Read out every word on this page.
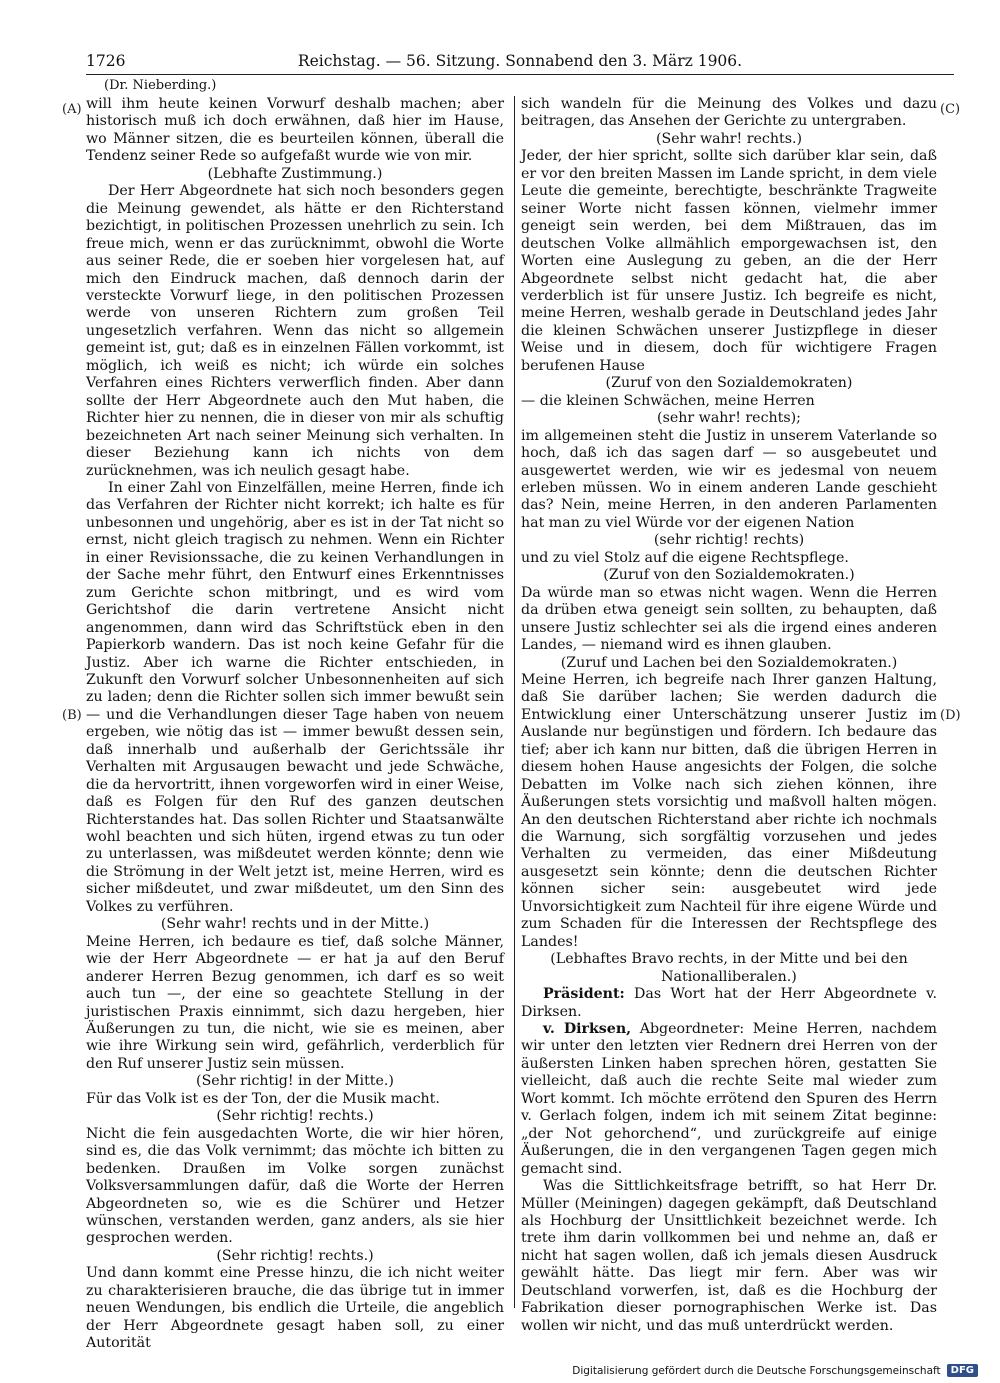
1726	Reichstag. — 56. Sitzung. Sonnabend den 3. März 1906.
(Dr. Nieberding.)
(A)
(B)
(C)
(D)

will ihm heute keinen Vorwurf deshalb machen; aber historisch muß ich doch erwähnen, daß hier im Hause, wo Männer sitzen, die es beurteilen können, überall die Tendenz seiner Rede so aufgefaßt wurde wie von mir.

(Lebhafte Zustimmung.)

Der Herr Abgeordnete hat sich noch besonders gegen die Meinung gewendet, als hätte er den Richterstand bezichtigt, in politischen Prozessen unehrlich zu sein. Ich freue mich, wenn er das zurücknimmt, obwohl die Worte aus seiner Rede, die er soeben hier vorgelesen hat, auf mich den Eindruck machen, daß dennoch darin der versteckte Vorwurf liege, in den politischen Prozessen werde von unseren Richtern zum großen Teil ungesetzlich verfahren. Wenn das nicht so allgemein gemeint ist, gut; daß es in einzelnen Fällen vorkommt, ist möglich, ich weiß es nicht; ich würde ein solches Verfahren eines Richters verwerflich finden. Aber dann sollte der Herr Abgeordnete auch den Mut haben, die Richter hier zu nennen, die in dieser von mir als schuftig bezeichneten Art nach seiner Meinung sich verhalten. In dieser Beziehung kann ich nichts von dem zurücknehmen, was ich neulich gesagt habe.

In einer Zahl von Einzelfällen, meine Herren, finde ich das Verfahren der Richter nicht korrekt; ich halte es für unbesonnen und ungehörig, aber es ist in der Tat nicht so ernst, nicht gleich tragisch zu nehmen. Wenn ein Richter in einer Revisionssache, die zu keinen Verhandlungen in der Sache mehr führt, den Entwurf eines Erkenntnisses zum Gerichte schon mitbringt, und es wird vom Gerichtshof die darin vertretene Ansicht nicht angenommen, dann wird das Schriftstück eben in den Papierkorb wandern. Das ist noch keine Gefahr für die Justiz. Aber ich warne die Richter entschieden, in Zukunft den Vorwurf solcher Unbesonnenheiten auf sich zu laden; denn die Richter sollen sich immer bewußt sein — und die Verhandlungen dieser Tage haben von neuem ergeben, wie nötig das ist — immer bewußt dessen sein, daß innerhalb und außerhalb der Gerichtssäle ihr Verhalten mit Argusaugen bewacht und jede Schwäche, die da hervortritt, ihnen vorgeworfen wird in einer Weise, daß es Folgen für den Ruf des ganzen deutschen Richterstandes hat. Das sollen Richter und Staatsanwälte wohl beachten und sich hüten, irgend etwas zu tun oder zu unterlassen, was mißdeutet werden könnte; denn wie die Strömung in der Welt jetzt ist, meine Herren, wird es sicher mißdeutet, und zwar mißdeutet, um den Sinn des Volkes zu verführen.

(Sehr wahr! rechts und in der Mitte.)

Meine Herren, ich bedaure es tief, daß solche Männer, wie der Herr Abgeordnete — er hat ja auf den Beruf anderer Herren Bezug genommen, ich darf es so weit auch tun —, der eine so geachtete Stellung in der juristischen Praxis einnimmt, sich dazu hergeben, hier Äußerungen zu tun, die nicht, wie sie es meinen, aber wie ihre Wirkung sein wird, gefährlich, verderblich für den Ruf unserer Justiz sein müssen.

(Sehr richtig! in der Mitte.)

Für das Volk ist es der Ton, der die Musik macht.

(Sehr richtig! rechts.)

Nicht die fein ausgedachten Worte, die wir hier hören, sind es, die das Volk vernimmt; das möchte ich bitten zu bedenken. Draußen im Volke sorgen zunächst Volksversammlungen dafür, daß die Worte der Herren Abgeordneten so, wie es die Schürer und Hetzer wünschen, verstanden werden, ganz anders, als sie hier gesprochen werden.

(Sehr richtig! rechts.)

Und dann kommt eine Presse hinzu, die ich nicht weiter zu charakterisieren brauche, die das übrige tut in immer neuen Wendungen, bis endlich die Urteile, die angeblich der Herr Abgeordnete gesagt haben soll, zu einer Autorität

sich wandeln für die Meinung des Volkes und dazu beitragen, das Ansehen der Gerichte zu untergraben.

(Sehr wahr! rechts.)

Jeder, der hier spricht, sollte sich darüber klar sein, daß er vor den breiten Massen im Lande spricht, in dem viele Leute die gemeinte, berechtigte, beschränkte Tragweite seiner Worte nicht fassen können, vielmehr immer geneigt sein werden, bei dem Mißtrauen, das im deutschen Volke allmählich emporgewachsen ist, den Worten eine Auslegung zu geben, an die der Herr Abgeordnete selbst nicht gedacht hat, die aber verderblich ist für unsere Justiz. Ich begreife es nicht, meine Herren, weshalb gerade in Deutschland jedes Jahr die kleinen Schwächen unserer Justizpflege in dieser Weise und in diesem, doch für wichtigere Fragen berufenen Hause

(Zuruf von den Sozialdemokraten)

— die kleinen Schwächen, meine Herren

(sehr wahr! rechts);

im allgemeinen steht die Justiz in unserem Vaterlande so hoch, daß ich das sagen darf — so ausgebeutet und ausgewertet werden, wie wir es jedesmal von neuem erleben müssen. Wo in einem anderen Lande geschieht das? Nein, meine Herren, in den anderen Parlamenten hat man zu viel Würde vor der eigenen Nation

(sehr richtig! rechts)

und zu viel Stolz auf die eigene Rechtspflege.

(Zuruf von den Sozialdemokraten.)

Da würde man so etwas nicht wagen. Wenn die Herren da drüben etwa geneigt sein sollten, zu behaupten, daß unsere Justiz schlechter sei als die irgend eines anderen Landes, — niemand wird es ihnen glauben.

(Zuruf und Lachen bei den Sozialdemokraten.)

Meine Herren, ich begreife nach Ihrer ganzen Haltung, daß Sie darüber lachen; Sie werden dadurch die Entwicklung einer Unterschätzung unserer Justiz im Auslande nur begünstigen und fördern. Ich bedaure das tief; aber ich kann nur bitten, daß die übrigen Herren in diesem hohen Hause angesichts der Folgen, die solche Debatten im Volke nach sich ziehen können, ihre Äußerungen stets vorsichtig und maßvoll halten mögen. An den deutschen Richterstand aber richte ich nochmals die Warnung, sich sorgfältig vorzusehen und jedes Verhalten zu vermeiden, das einer Mißdeutung ausgesetzt sein könnte; denn die deutschen Richter können sicher sein: ausgebeutet wird jede Unvorsichtigkeit zum Nachteil für ihre eigene Würde und zum Schaden für die Interessen der Rechtspflege des Landes!

(Lebhaftes Bravo rechts, in der Mitte und bei den Nationalliberalen.)

Präsident: Das Wort hat der Herr Abgeordnete v. Dirksen.

v. Dirksen, Abgeordneter: Meine Herren, nachdem wir unter den letzten vier Rednern drei Herren von der äußersten Linken haben sprechen hören, gestatten Sie vielleicht, daß auch die rechte Seite mal wieder zum Wort kommt. Ich möchte errötend den Spuren des Herrn v. Gerlach folgen, indem ich mit seinem Zitat beginne: „der Not gehorchend“, und zurückgreife auf einige Äußerungen, die in den vergangenen Tagen gegen mich gemacht sind.

Was die Sittlichkeitsfrage betrifft, so hat Herr Dr. Müller (Meiningen) dagegen gekämpft, daß Deutschland als Hochburg der Unsittlichkeit bezeichnet werde. Ich trete ihm darin vollkommen bei und nehme an, daß er nicht hat sagen wollen, daß ich jemals diesen Ausdruck gewählt hätte. Das liegt mir fern. Aber was wir Deutschland vorwerfen, ist, daß es die Hochburg der Fabrikation dieser pornographischen Werke ist. Das wollen wir nicht, und das muß unterdrückt werden.

Digitalisierung gefördert durch die Deutsche Forschungsgemeinschaft	DFG
